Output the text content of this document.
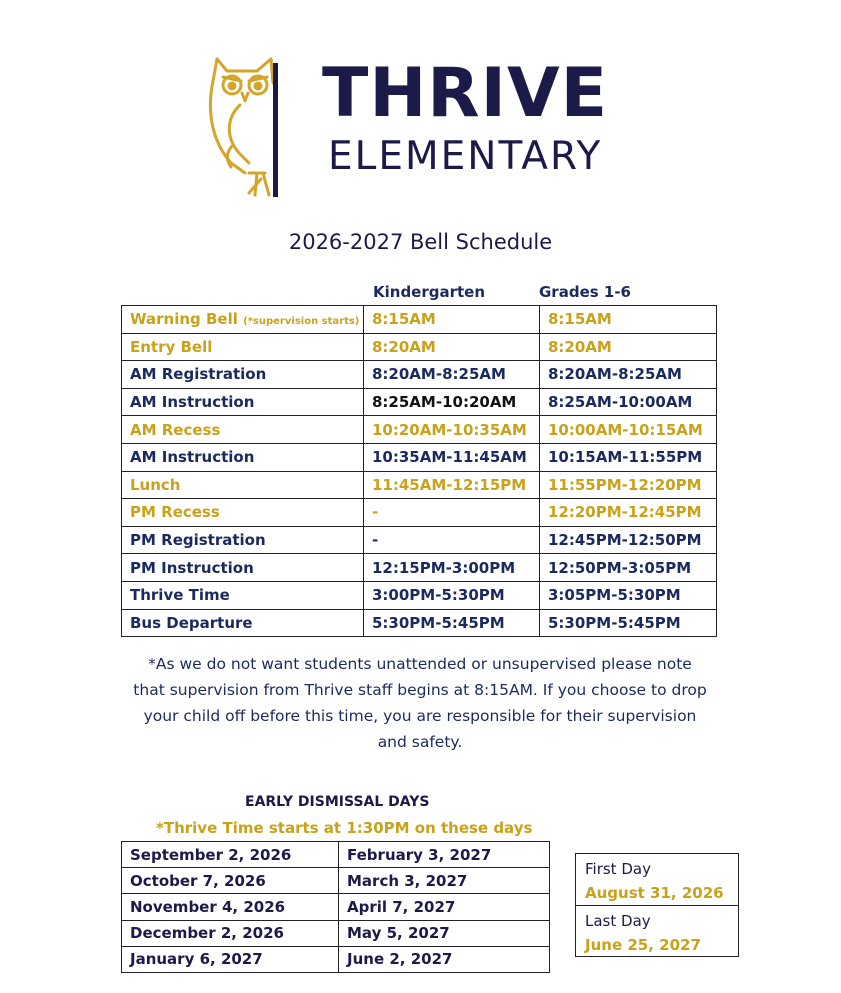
THRIVE
ELEMENTARY
2026-2027 Bell Schedule
Kindergarten	Grades 1-6
Warning Bell (*supervision starts)	8:15AM	8:15AM
Entry Bell	8:20AM	8:20AM
AM Registration	8:20AM-8:25AM	8:20AM-8:25AM
AM Instruction	8:25AM-10:20AM	8:25AM-10:00AM
AM Recess	10:20AM-10:35AM	10:00AM-10:15AM
AM Instruction	10:35AM-11:45AM	10:15AM-11:55PM
Lunch	11:45AM-12:15PM	11:55PM-12:20PM
PM Recess	-	12:20PM-12:45PM
PM Registration	-	12:45PM-12:50PM
PM Instruction	12:15PM-3:00PM	12:50PM-3:05PM
Thrive Time	3:00PM-5:30PM	3:05PM-5:30PM
Bus Departure	5:30PM-5:45PM	5:30PM-5:45PM
*As we do not want students unattended or unsupervised please note that supervision from Thrive staff begins at 8:15AM. If you choose to drop your child off before this time, you are responsible for their supervision and safety.
EARLY DISMISSAL DAYS
*Thrive Time starts at 1:30PM on these days
September 2, 2026	February 3, 2027
October 7, 2026	March 3, 2027
November 4, 2026	April 7, 2027
December 2, 2026	May 5, 2027
January 6, 2027	June 2, 2027
First Day
August 31, 2026
Last Day
June 25, 2027
